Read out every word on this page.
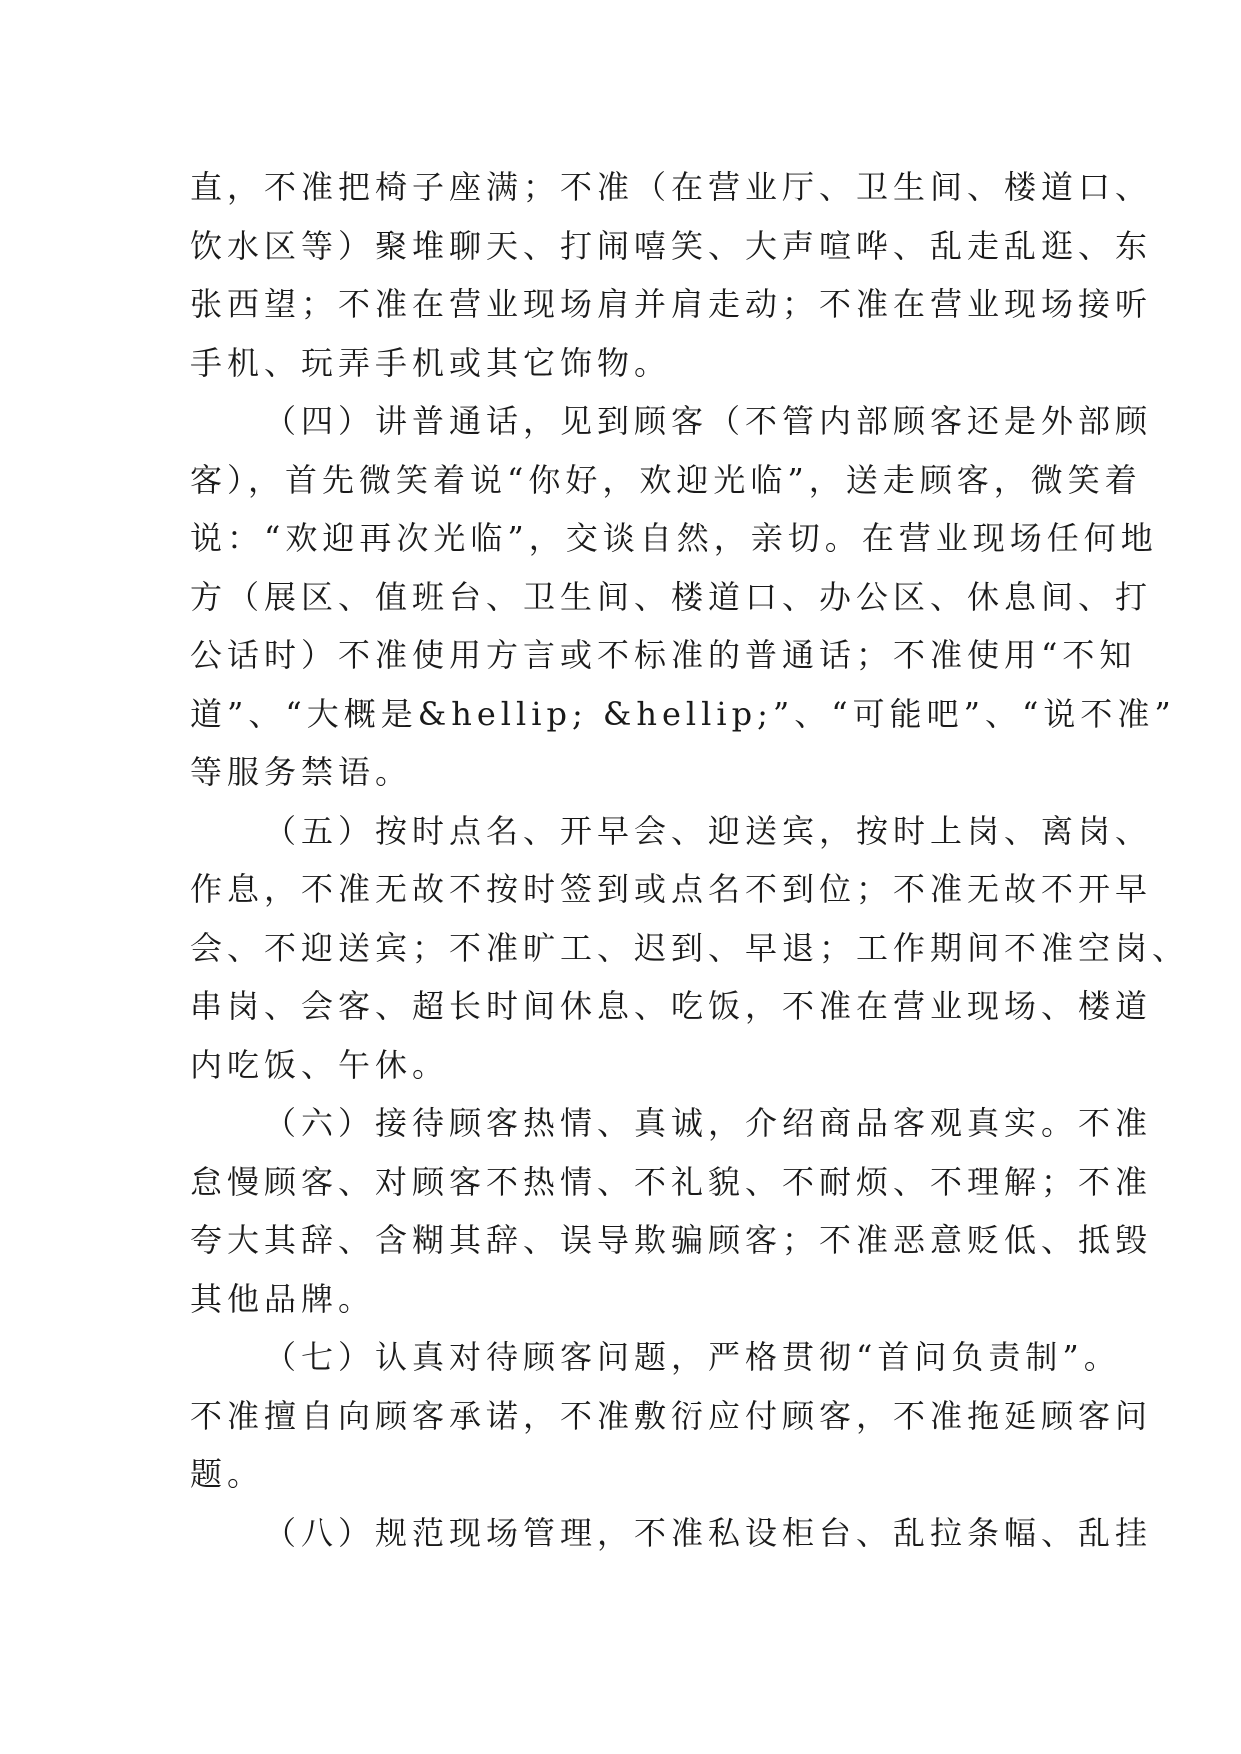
直，不准把椅子座满；不准（在营业厅、卫生间、楼道口、
饮水区等）聚堆聊天、打闹嘻笑、大声喧哗、乱走乱逛、东
张西望；不准在营业现场肩并肩走动；不准在营业现场接听
手机、玩弄手机或其它饰物。
（四）讲普通话，见到顾客（不管内部顾客还是外部顾
客），首先微笑着说“你好，欢迎光临”，送走顾客，微笑着
说：“欢迎再次光临”，交谈自然，亲切。在营业现场任何地
方（展区、值班台、卫生间、楼道口、办公区、休息间、打
公话时）不准使用方言或不标准的普通话；不准使用“不知
道”、“大概是&hellip; &hellip;”、“可能吧”、“说不准”
等服务禁语。
（五）按时点名、开早会、迎送宾，按时上岗、离岗、
作息，不准无故不按时签到或点名不到位；不准无故不开早
会、不迎送宾；不准旷工、迟到、早退；工作期间不准空岗、
串岗、会客、超长时间休息、吃饭，不准在营业现场、楼道
内吃饭、午休。
（六）接待顾客热情、真诚，介绍商品客观真实。不准
怠慢顾客、对顾客不热情、不礼貌、不耐烦、不理解；不准
夸大其辞、含糊其辞、误导欺骗顾客；不准恶意贬低、抵毁
其他品牌。
（七）认真对待顾客问题，严格贯彻“首问负责制”。
不准擅自向顾客承诺，不准敷衍应付顾客，不准拖延顾客问
题。
（八）规范现场管理，不准私设柜台、乱拉条幅、乱挂
